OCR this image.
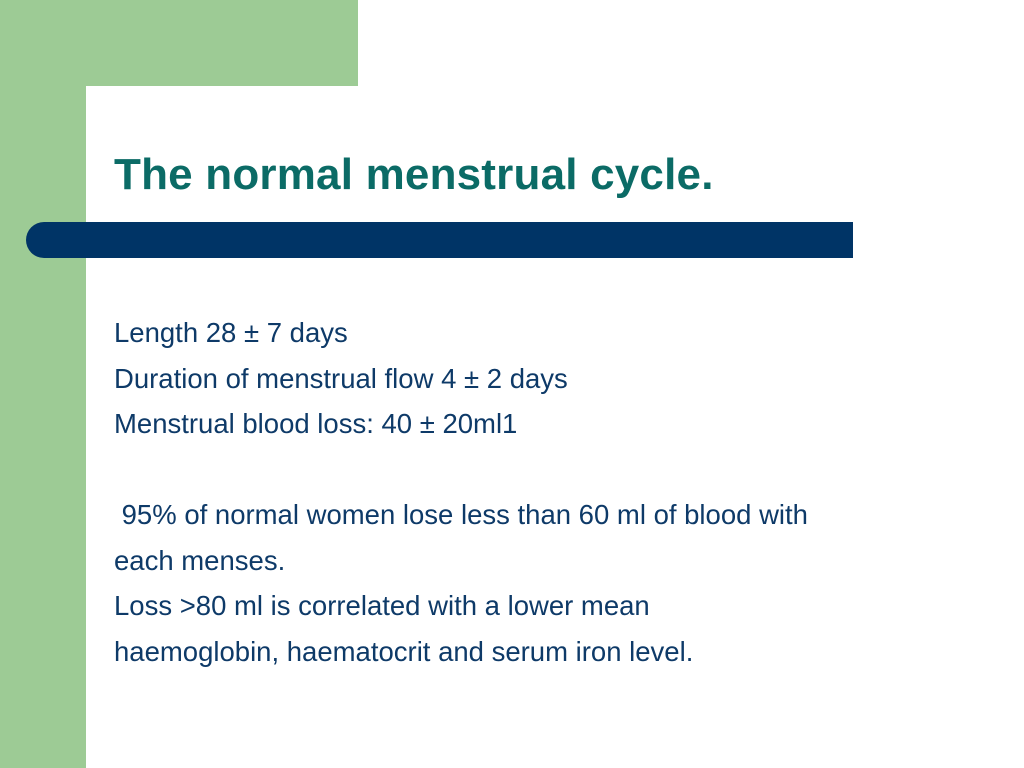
The normal menstrual cycle.
Length 28 ± 7 days
Duration of menstrual flow 4 ± 2 days
Menstrual blood loss: 40 ± 20ml1
95% of normal women lose less than 60 ml of blood with
each menses.
Loss >80 ml is correlated with a lower mean
haemoglobin, haematocrit and serum iron level.
